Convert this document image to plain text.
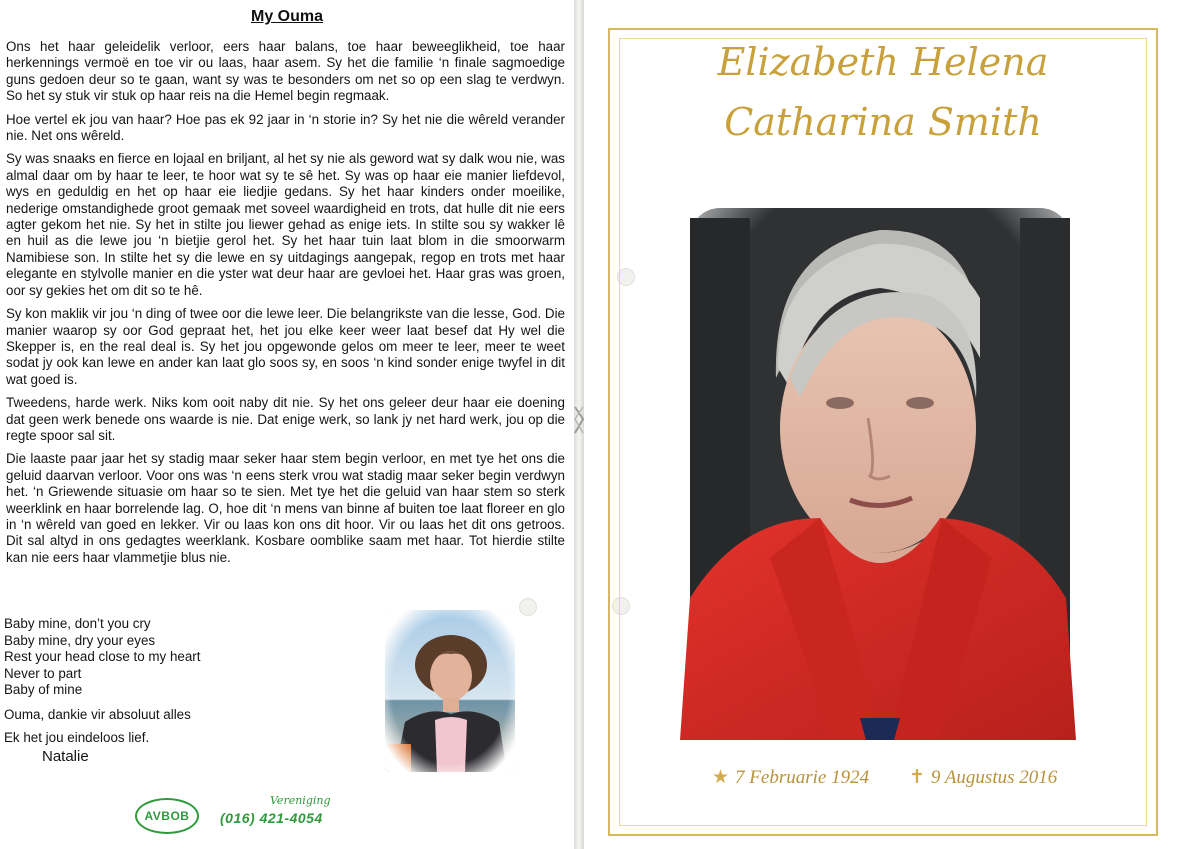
My Ouma

Ons het haar geleidelik verloor, eers haar balans, toe haar beweeglikheid, toe haar herkennings vermoë en toe vir ou laas, haar asem. Sy het die familie ‘n finale sagmoedige guns gedoen deur so te gaan, want sy was te besonders om net so op een slag te verdwyn. So het sy stuk vir stuk op haar reis na die Hemel begin regmaak.

Hoe vertel ek jou van haar? Hoe pas ek 92 jaar in ‘n storie in? Sy het nie die wêreld verander nie. Net ons wêreld.

Sy was snaaks en fierce en lojaal en briljant, al het sy nie als geword wat sy dalk wou nie, was almal daar om by haar te leer, te hoor wat sy te sê het. Sy was op haar eie manier liefdevol, wys en geduldig en het op haar eie liedjie gedans. Sy het haar kinders onder moeilike, nederige omstandighede groot gemaak met soveel waardigheid en trots, dat hulle dit nie eers agter gekom het nie. Sy het in stilte jou liewer gehad as enige iets. In stilte sou sy wakker lê en huil as die lewe jou ‘n bietjie gerol het. Sy het haar tuin laat blom in die smoorwarm Namibiese son. In stilte het sy die lewe en sy uitdagings aangepak, regop en trots met haar elegante en stylvolle manier en die yster wat deur haar are gevloei het. Haar gras was groen, oor sy gekies het om dit so te hê.

Sy kon maklik vir jou ‘n ding of twee oor die lewe leer. Die belangrikste van die lesse, God. Die manier waarop sy oor God gepraat het, het jou elke keer weer laat besef dat Hy wel die Skepper is, en the real deal is. Sy het jou opgewonde gelos om meer te leer, meer te weet sodat jy ook kan lewe en ander kan laat glo soos sy, en soos ‘n kind sonder enige twyfel in dit wat goed is.

Tweedens, harde werk. Niks kom ooit naby dit nie. Sy het ons geleer deur haar eie doening dat geen werk benede ons waarde is nie. Dat enige werk, so lank jy net hard werk, jou op die regte spoor sal sit.

Die laaste paar jaar het sy stadig maar seker haar stem begin verloor, en met tye het ons die geluid daarvan verloor. Voor ons was ‘n eens sterk vrou wat stadig maar seker begin verdwyn het. ‘n Griewende situasie om haar so te sien. Met tye het die geluid van haar stem so sterk weerklink en haar borrelende lag. O, hoe dit ‘n mens van binne af buiten toe laat floreer en glo in ‘n wêreld van goed en lekker. Vir ou laas kon ons dit hoor. Vir ou laas het dit ons getroos. Dit sal altyd in ons gedagtes weerklank. Kosbare oomblike saam met haar. Tot hierdie stilte kan nie eers haar vlammetjie blus nie.

Baby mine, don’t you cry
Baby mine, dry your eyes
Rest your head close to my heart
Never to part
Baby of mine
Ouma, dankie vir absoluut alles
Ek het jou eindeloos lief.
Natalie
AVBOB
Vereniging
(016) 421-4054
Elizabeth Helena
Catharina Smith
★ 7 Februarie 1924 ✝ 9 Augustus 2016
